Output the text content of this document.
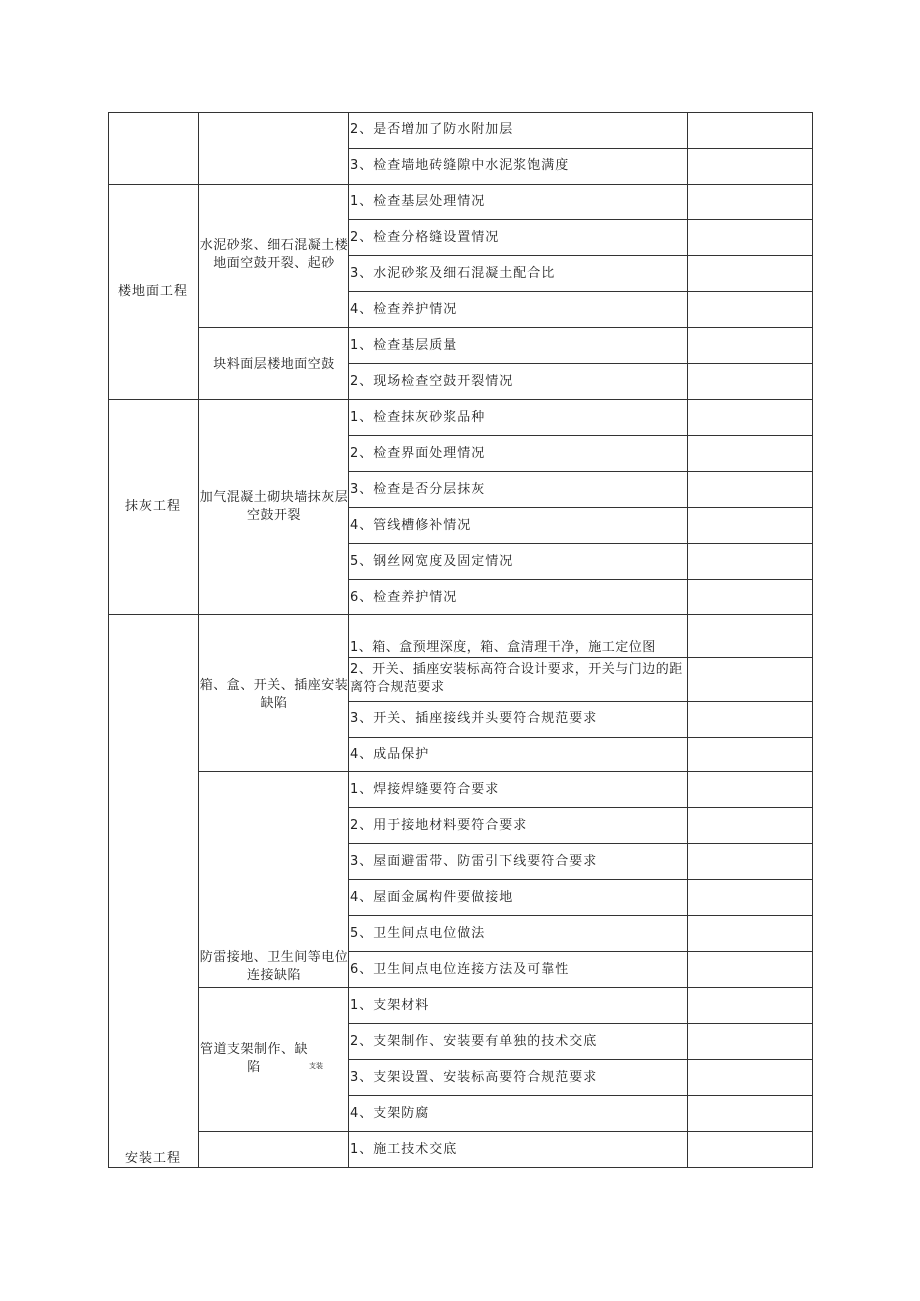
楼地面工程
抹灰工程
安装工程
水泥砂浆、细石混凝土楼地面空鼓开裂、起砂
块料面层楼地面空鼓
加气混凝土砌块墙抹灰层空鼓开裂
箱、盒、开关、插座安装缺陷
防雷接地、卫生间等电位连接缺陷
管道支架制作、缺陷	支装
2、是否增加了防水附加层
3、检查墙地砖缝隙中水泥浆饱满度
1、检查基层处理情况
2、检查分格缝设置情况
3、水泥砂浆及细石混凝土配合比
4、检查养护情况
1、检查基层质量
2、现场检查空鼓开裂情况
1、检查抹灰砂浆品种
2、检查界面处理情况
3、检查是否分层抹灰
4、管线槽修补情况
5、钢丝网宽度及固定情况
6、检查养护情况
1、箱、盒预埋深度，箱、盒清理干净，施工定位图
2、开关、插座安装标高符合设计要求，开关与门边的距离符合规范要求
3、开关、插座接线并头要符合规范要求
4、成品保护
1、焊接焊缝要符合要求
2、用于接地材料要符合要求
3、屋面避雷带、防雷引下线要符合要求
4、屋面金属构件要做接地
5、卫生间点电位做法
6、卫生间点电位连接方法及可靠性
1、支架材料
2、支架制作、安装要有单独的技术交底
3、支架设置、安装标高要符合规范要求
4、支架防腐
1、施工技术交底
